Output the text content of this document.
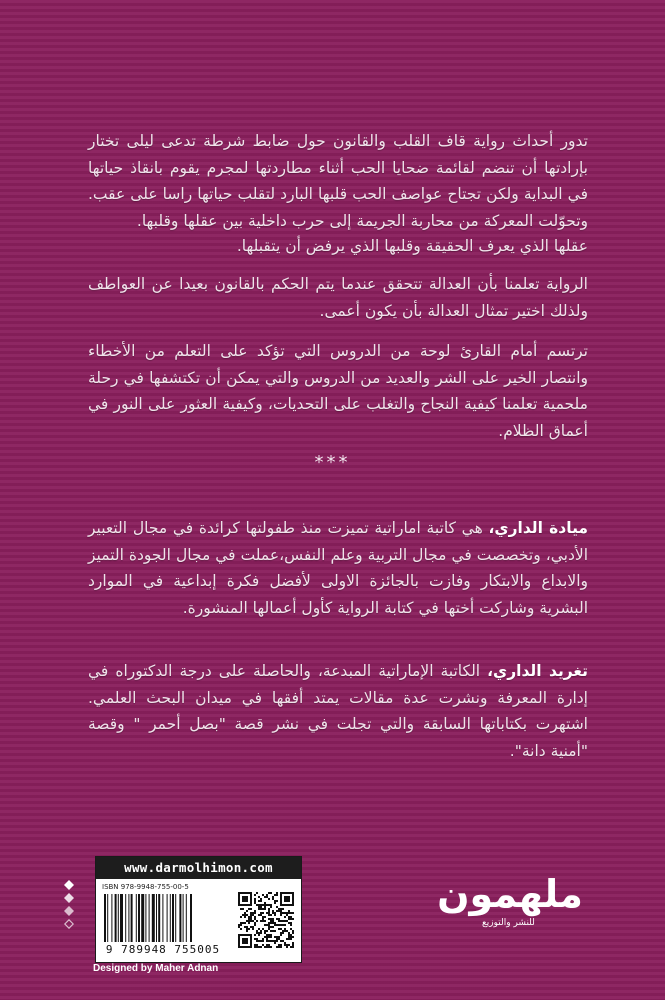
تدور أحداث رواية قاف القلب والقانون حول ضابط شرطة تدعى ليلى تختار بإرادتها أن تنضم لقائمة ضحايا الحب أثناء مطاردتها لمجرم يقوم بانقاذ حياتها في البداية ولكن تجتاح عواصف الحب قلبها البارد لتقلب حياتها راسا على عقب. وتحوّلت المعركة من محاربة الجريمة إلى حرب داخلية بين عقلها وقلبها.

عقلها الذي يعرف الحقيقة وقلبها الذي يرفض أن يتقبلها.

الرواية تعلمنا بأن العدالة تتحقق عندما يتم الحكم بالقانون بعيدا عن العواطف ولذلك اختير تمثال العدالة بأن يكون أعمى.

ترتسم أمام القارئ لوحة من الدروس التي تؤكد على التعلم من الأخطاء وانتصار الخير على الشر والعديد من الدروس والتي يمكن أن تكتشفها في رحلة ملحمية تعلمنا كيفية النجاح والتغلب على التحديات، وكيفية العثور على النور في أعماق الظلام.

***

ميادة الداري، هي كاتبة اماراتية تميزت منذ طفولتها كرائدة في مجال التعبير الأدبي، وتخصصت في مجال التربية وعلم النفس،عملت في مجال الجودة التميز والابداع والابتكار وفازت بالجائزة الاولى لأفضل فكرة إبداعية في الموارد البشرية وشاركت أختها في كتابة الرواية كأول أعمالها المنشورة.

تغريد الداري، الكاتبة الإماراتية المبدعة، والحاصلة على درجة الدكتوراه في إدارة المعرفة ونشرت عدة مقالات يمتد أفقها في ميدان البحث العلمي. اشتهرت بكتاباتها السابقة والتي تجلت في نشر قصة "بصل أحمر " وقصة "أمنية دانة".

www.darmolhimon.com
ISBN 978-9948-755-00-5
9 789948 755005
Designed by Maher Adnan
ملهمون
للنشر والتوزيع
